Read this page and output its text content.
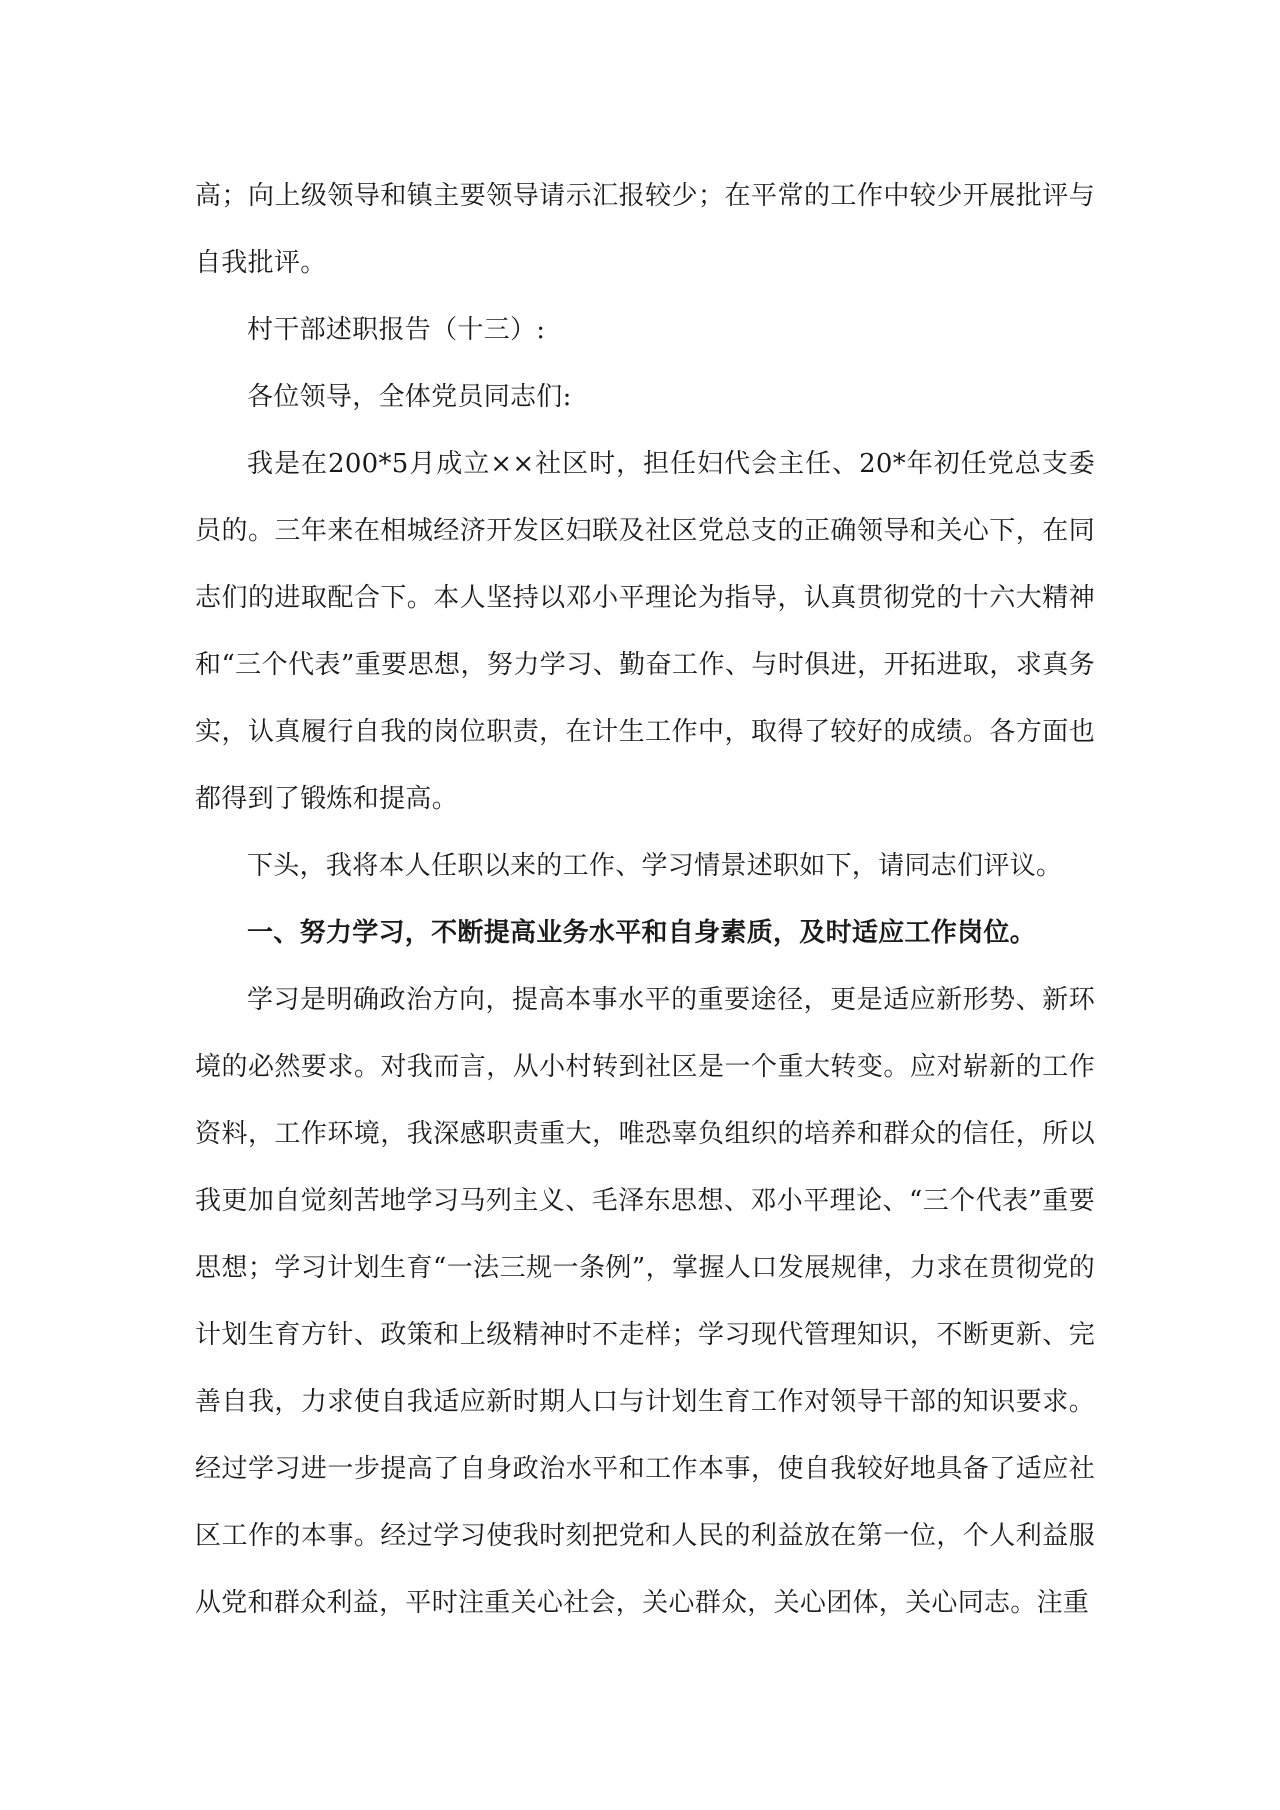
高；向上级领导和镇主要领导请示汇报较少；在平常的工作中较少开展批评与自我批评。

村干部述职报告（十三）:

各位领导，全体党员同志们:

我是在200*5月成立××社区时，担任妇代会主任、20*年初任党总支委员的。三年来在相城经济开发区妇联及社区党总支的正确领导和关心下，在同志们的进取配合下。本人坚持以邓小平理论为指导，认真贯彻党的十六大精神和“三个代表”重要思想，努力学习、勤奋工作、与时俱进，开拓进取，求真务实，认真履行自我的岗位职责，在计生工作中，取得了较好的成绩。各方面也都得到了锻炼和提高。

下头，我将本人任职以来的工作、学习情景述职如下，请同志们评议。

一、努力学习，不断提高业务水平和自身素质，及时适应工作岗位。

学习是明确政治方向，提高本事水平的重要途径，更是适应新形势、新环境的必然要求。对我而言，从小村转到社区是一个重大转变。应对崭新的工作资料，工作环境，我深感职责重大，唯恐辜负组织的培养和群众的信任，所以我更加自觉刻苦地学习马列主义、毛泽东思想、邓小平理论、“三个代表”重要思想；学习计划生育“一法三规一条例”，掌握人口发展规律，力求在贯彻党的计划生育方针、政策和上级精神时不走样；学习现代管理知识，不断更新、完善自我，力求使自我适应新时期人口与计划生育工作对领导干部的知识要求。经过学习进一步提高了自身政治水平和工作本事，使自我较好地具备了适应社区工作的本事。经过学习使我时刻把党和人民的利益放在第一位，个人利益服从党和群众利益，平时注重关心社会，关心群众，关心团体，关心同志。注重
